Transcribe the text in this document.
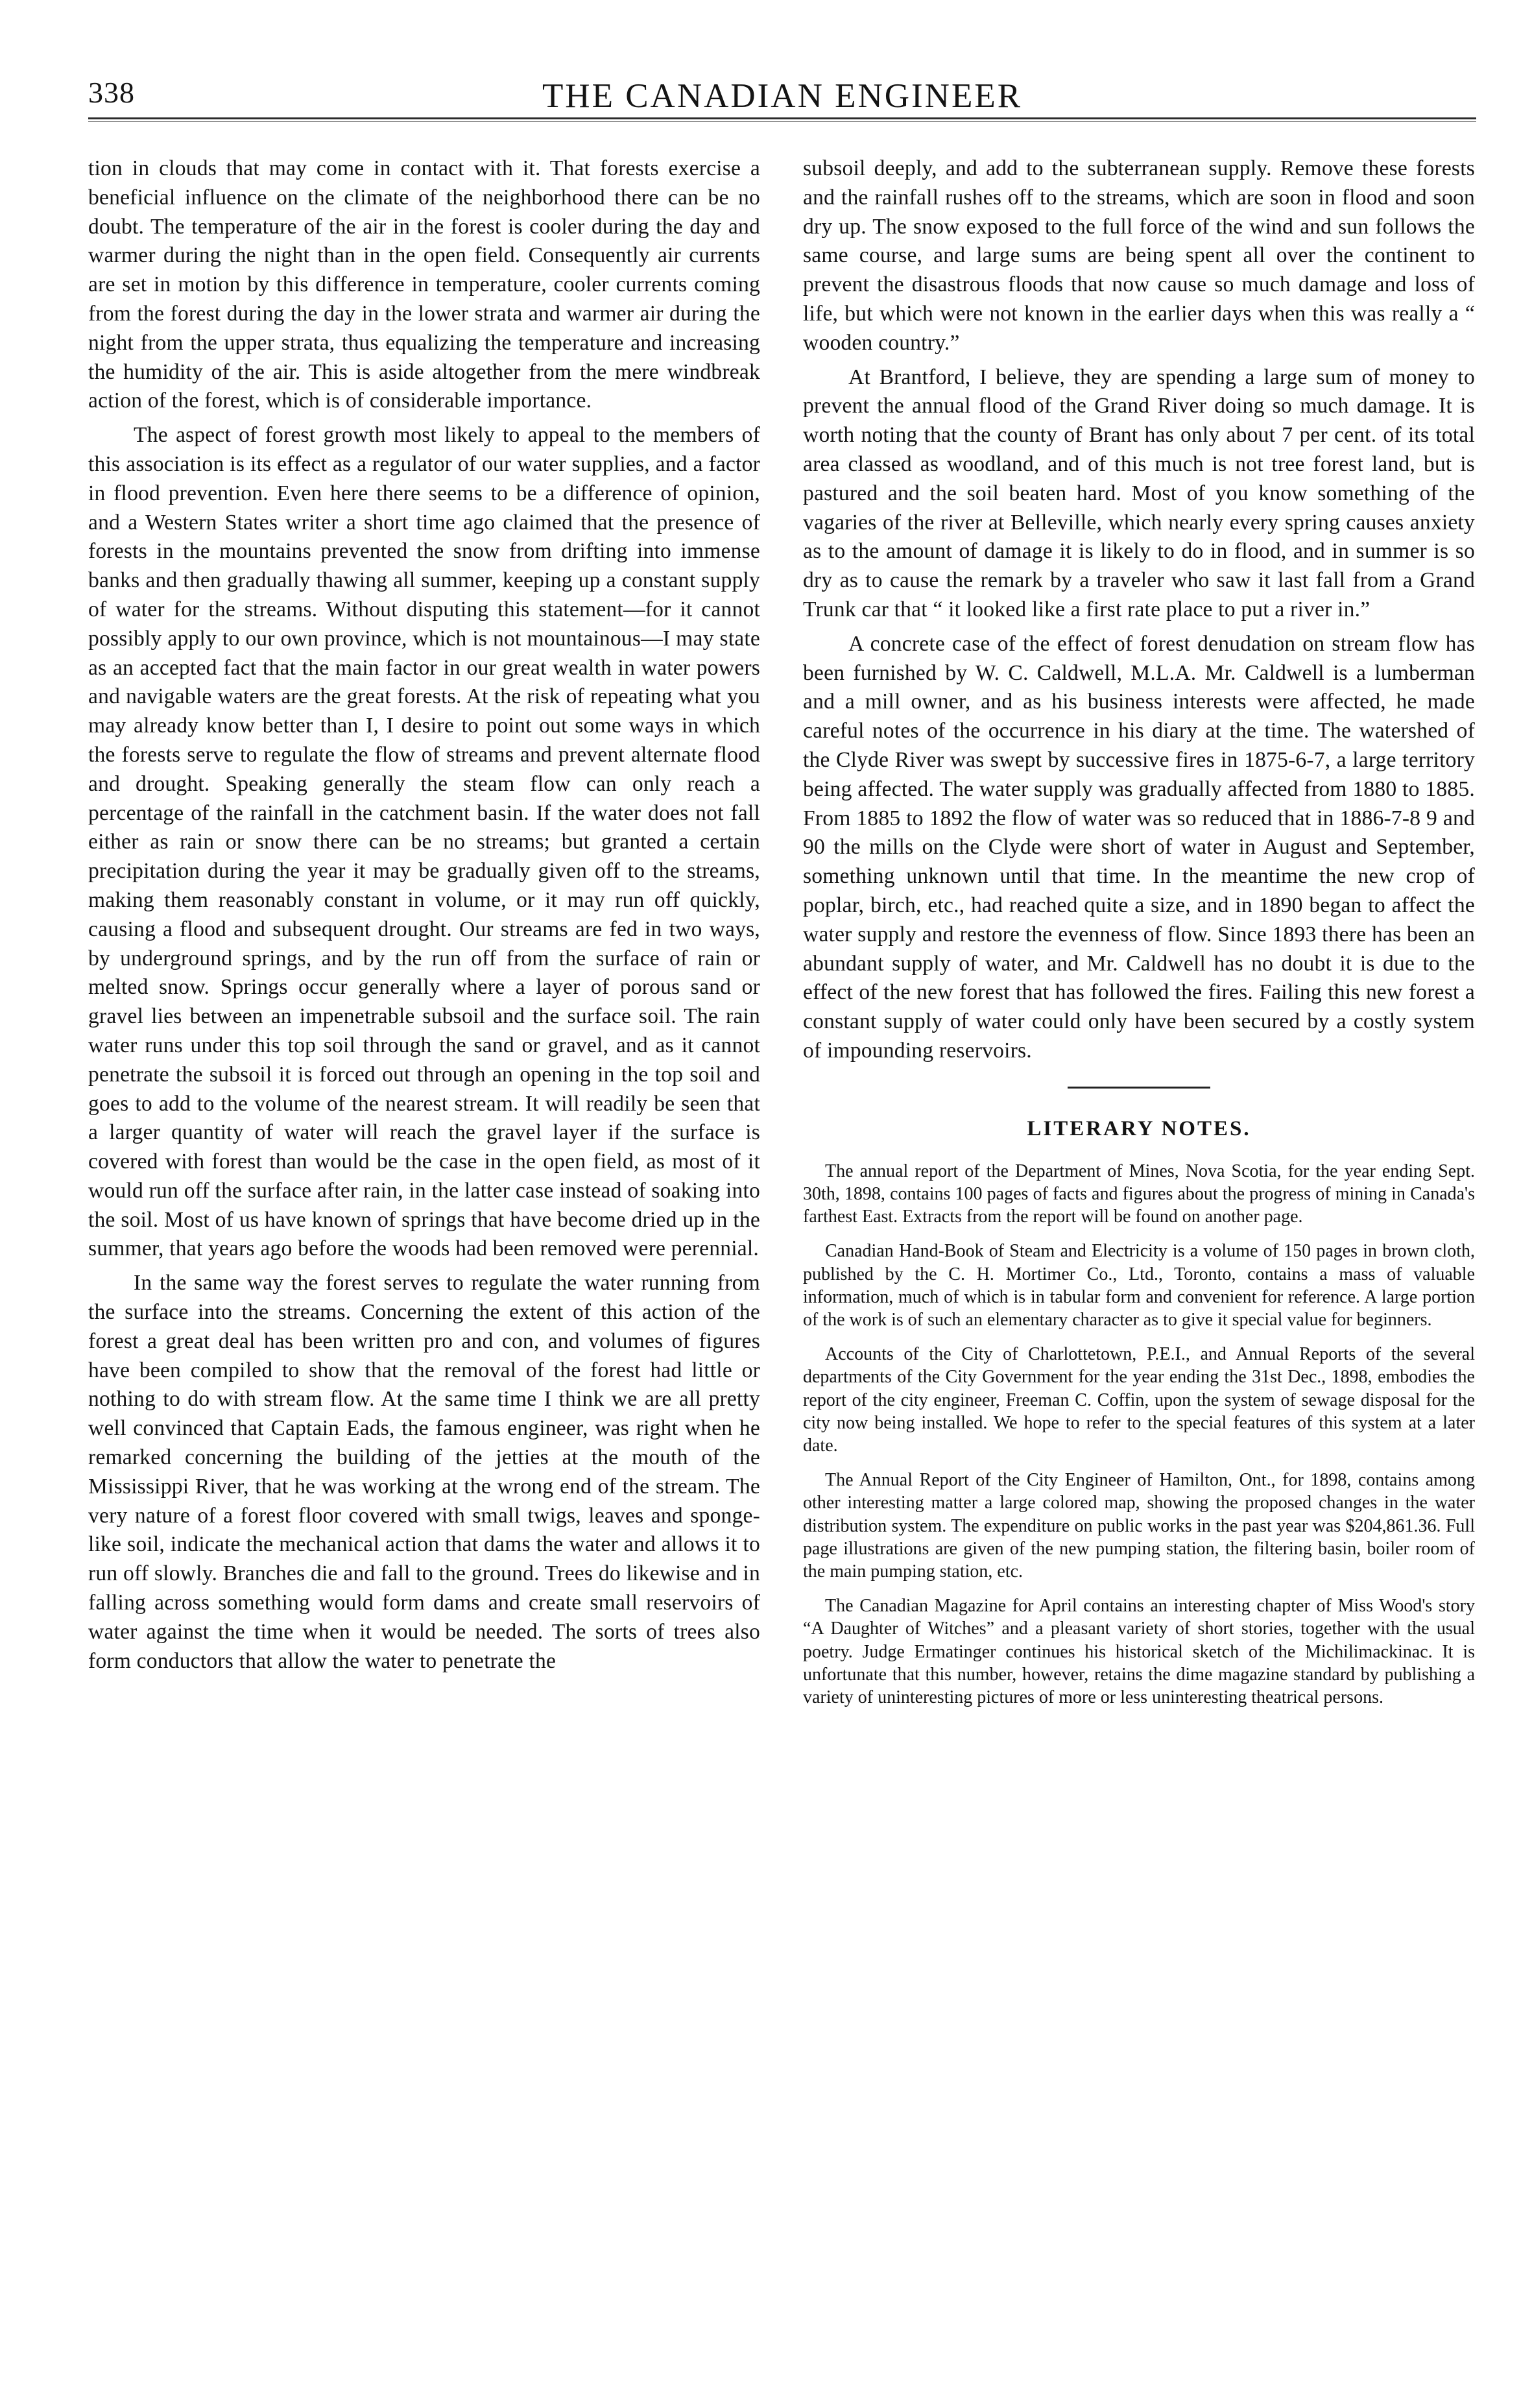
338	THE CANADIAN ENGINEER

tion in clouds that may come in contact with it. That forests exercise a beneficial influence on the climate of the neighborhood there can be no doubt. The temperature of the air in the forest is cooler during the day and warmer during the night than in the open field. Consequently air currents are set in motion by this difference in temperature, cooler currents coming from the forest during the day in the lower strata and warmer air during the night from the upper strata, thus equalizing the temperature and increasing the humidity of the air. This is aside altogether from the mere windbreak action of the forest, which is of considerable importance.

The aspect of forest growth most likely to appeal to the members of this association is its effect as a regulator of our water supplies, and a factor in flood prevention. Even here there seems to be a difference of opinion, and a Western States writer a short time ago claimed that the presence of forests in the mountains prevented the snow from drifting into immense banks and then gradually thawing all summer, keeping up a constant supply of water for the streams. Without disputing this statement—for it cannot possibly apply to our own province, which is not mountainous—I may state as an accepted fact that the main factor in our great wealth in water powers and navigable waters are the great forests. At the risk of repeating what you may already know better than I, I desire to point out some ways in which the forests serve to regulate the flow of streams and prevent alternate flood and drought. Speaking generally the steam flow can only reach a percentage of the rainfall in the catchment basin. If the water does not fall either as rain or snow there can be no streams; but granted a certain precipitation during the year it may be gradually given off to the streams, making them reasonably constant in volume, or it may run off quickly, causing a flood and subsequent drought. Our streams are fed in two ways, by underground springs, and by the run off from the surface of rain or melted snow. Springs occur generally where a layer of porous sand or gravel lies between an impenetrable subsoil and the surface soil. The rain water runs under this top soil through the sand or gravel, and as it cannot penetrate the subsoil it is forced out through an opening in the top soil and goes to add to the volume of the nearest stream. It will readily be seen that a larger quantity of water will reach the gravel layer if the surface is covered with forest than would be the case in the open field, as most of it would run off the surface after rain, in the latter case instead of soaking into the soil. Most of us have known of springs that have become dried up in the summer, that years ago before the woods had been removed were perennial.

In the same way the forest serves to regulate the water running from the surface into the streams. Concerning the extent of this action of the forest a great deal has been written pro and con, and volumes of figures have been compiled to show that the removal of the forest had little or nothing to do with stream flow. At the same time I think we are all pretty well convinced that Captain Eads, the famous engineer, was right when he remarked concerning the building of the jetties at the mouth of the Mississippi River, that he was working at the wrong end of the stream. The very nature of a forest floor covered with small twigs, leaves and sponge-like soil, indicate the mechanical action that dams the water and allows it to run off slowly. Branches die and fall to the ground. Trees do likewise and in falling across something would form dams and create small reservoirs of water against the time when it would be needed. The sorts of trees also form conductors that allow the water to penetrate the

subsoil deeply, and add to the subterranean supply. Remove these forests and the rainfall rushes off to the streams, which are soon in flood and soon dry up. The snow exposed to the full force of the wind and sun follows the same course, and large sums are being spent all over the continent to prevent the disastrous floods that now cause so much damage and loss of life, but which were not known in the earlier days when this was really a “ wooden country.”

At Brantford, I believe, they are spending a large sum of money to prevent the annual flood of the Grand River doing so much damage. It is worth noting that the county of Brant has only about 7 per cent. of its total area classed as woodland, and of this much is not tree forest land, but is pastured and the soil beaten hard. Most of you know something of the vagaries of the river at Belleville, which nearly every spring causes anxiety as to the amount of damage it is likely to do in flood, and in summer is so dry as to cause the remark by a traveler who saw it last fall from a Grand Trunk car that “ it looked like a first rate place to put a river in.”

A concrete case of the effect of forest denudation on stream flow has been furnished by W. C. Caldwell, M.L.A. Mr. Caldwell is a lumberman and a mill owner, and as his business interests were affected, he made careful notes of the occurrence in his diary at the time. The watershed of the Clyde River was swept by successive fires in 1875-6-7, a large territory being affected. The water supply was gradually affected from 1880 to 1885. From 1885 to 1892 the flow of water was so reduced that in 1886-7-8 9 and 90 the mills on the Clyde were short of water in August and September, something unknown until that time. In the meantime the new crop of poplar, birch, etc., had reached quite a size, and in 1890 began to affect the water supply and restore the evenness of flow. Since 1893 there has been an abundant supply of water, and Mr. Caldwell has no doubt it is due to the effect of the new forest that has followed the fires. Failing this new forest a constant supply of water could only have been secured by a costly system of impounding reservoirs.

LITERARY NOTES.

The annual report of the Department of Mines, Nova Scotia, for the year ending Sept. 30th, 1898, contains 100 pages of facts and figures about the progress of mining in Canada's farthest East. Extracts from the report will be found on another page.

Canadian Hand-Book of Steam and Electricity is a volume of 150 pages in brown cloth, published by the C. H. Mortimer Co., Ltd., Toronto, contains a mass of valuable information, much of which is in tabular form and convenient for reference. A large portion of the work is of such an elementary character as to give it special value for beginners.

Accounts of the City of Charlottetown, P.E.I., and Annual Reports of the several departments of the City Government for the year ending the 31st Dec., 1898, embodies the report of the city engineer, Freeman C. Coffin, upon the system of sewage disposal for the city now being installed. We hope to refer to the special features of this system at a later date.

The Annual Report of the City Engineer of Hamilton, Ont., for 1898, contains among other interesting matter a large colored map, showing the proposed changes in the water distribution system. The expenditure on public works in the past year was $204,861.36. Full page illustrations are given of the new pumping station, the filtering basin, boiler room of the main pumping station, etc.

The Canadian Magazine for April contains an interesting chapter of Miss Wood's story “A Daughter of Witches” and a pleasant variety of short stories, together with the usual poetry. Judge Ermatinger continues his historical sketch of the Michilimackinac. It is unfortunate that this number, however, retains the dime magazine standard by publishing a variety of uninteresting pictures of more or less uninteresting theatrical persons.
